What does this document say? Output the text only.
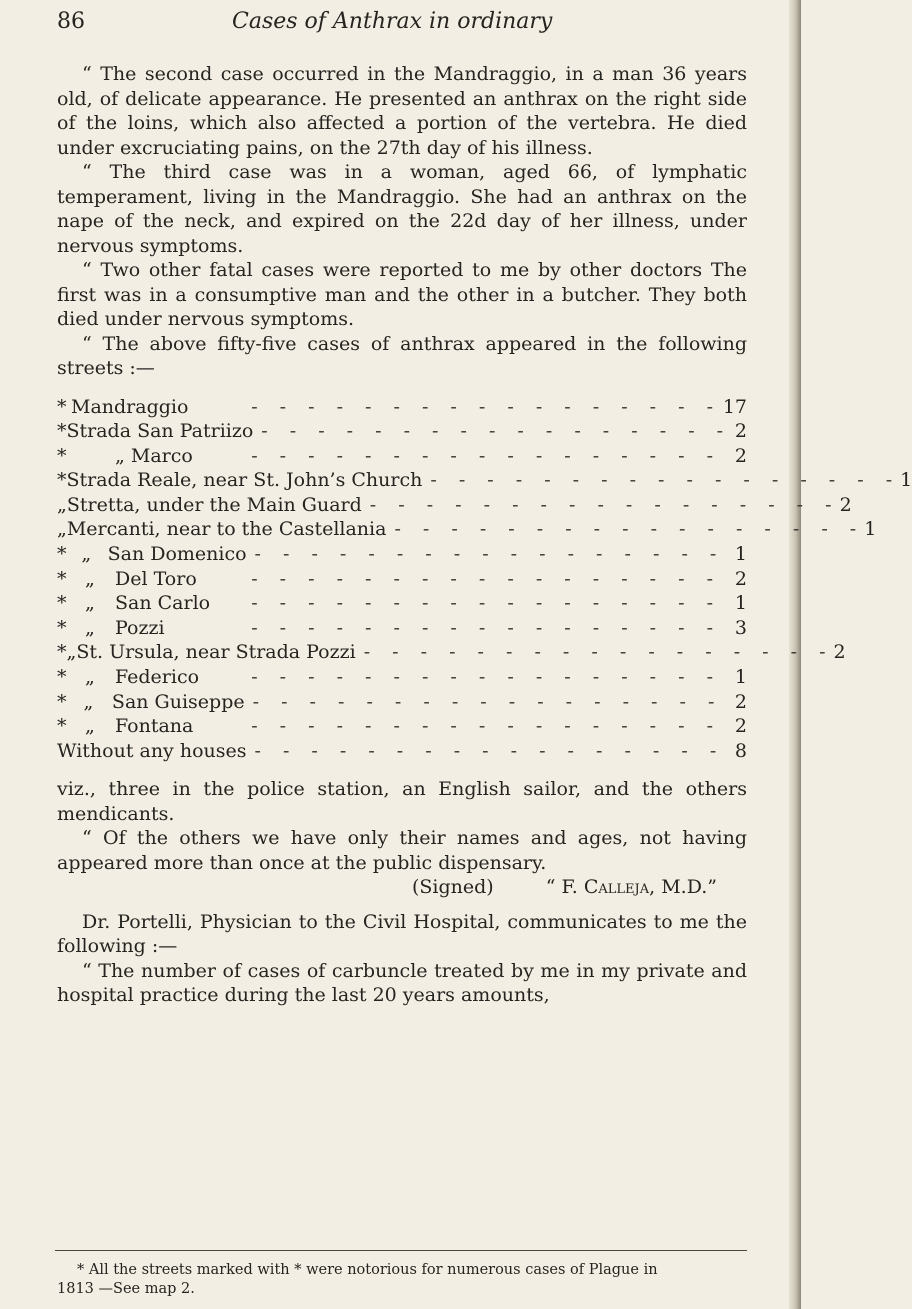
86	Cases of Anthrax in ordinary

“ The second case occurred in the Mandraggio, in a man 36 years old, of delicate appearance. He presented an anthrax on the right side of the loins, which also affected a portion of the vertebra. He died under excruciating pains, on the 27th day of his illness.

“ The third case was in a woman, aged 66, of lymphatic temperament, living in the Mandraggio. She had an anthrax on the nape of the neck, and expired on the 22d day of her illness, under nervous symptoms.

“ Two other fatal cases were reported to me by other doctors The first was in a consumptive man and the other in a butcher. They both died under nervous symptoms.

“ The above fifty-five cases of anthrax appeared in the following streets :—

* Mandraggio	- - - - - - - - - - - - - - - - - 17
* Strada San Patriizo - - - - - - - - - - - - - - - - - 2
*	„ Marco	- - - - - - - - - - - - - - - - - 2
* Strada Reale, near St. John’s Church - - - - - - - - - - - - - - - - - 1
„ Stretta, under the Main Guard - - - - - - - - - - - - - - - - - 2
„ Mercanti, near to the Castellania - - - - - - - - - - - - - - - - - 1
* „ San Domenico - - - - - - - - - - - - - - - - - 1
* „	Del Toro	- - - - - - - - - - - - - - - - - 2
* „	San Carlo	- - - - - - - - - - - - - - - - - 1
* „	Pozzi	- - - - - - - - - - - - - - - - - 3
* „ St. Ursula, near Strada Pozzi - - - - - - - - - - - - - - - - - 2
* „	Federico	- - - - - - - - - - - - - - - - - 1
* „ San Guiseppe - - - - - - - - - - - - - - - - - 2
* „	Fontana	- - - - - - - - - - - - - - - - - 2
Without any houses - - - - - - - - - - - - - - - - - 8

viz., three in the police station, an English sailor, and the others mendicants.

“ Of the others we have only their names and ages, not having appeared more than once at the public dispensary.

(Signed)	“ F. Calleja, M.D.”

Dr. Portelli, Physician to the Civil Hospital, communicates to me the following :—

“ The number of cases of carbuncle treated by me in my private and hospital practice during the last 20 years amounts,

* All the streets marked with * were notorious for numerous cases of Plague in

1813 —See map 2.
